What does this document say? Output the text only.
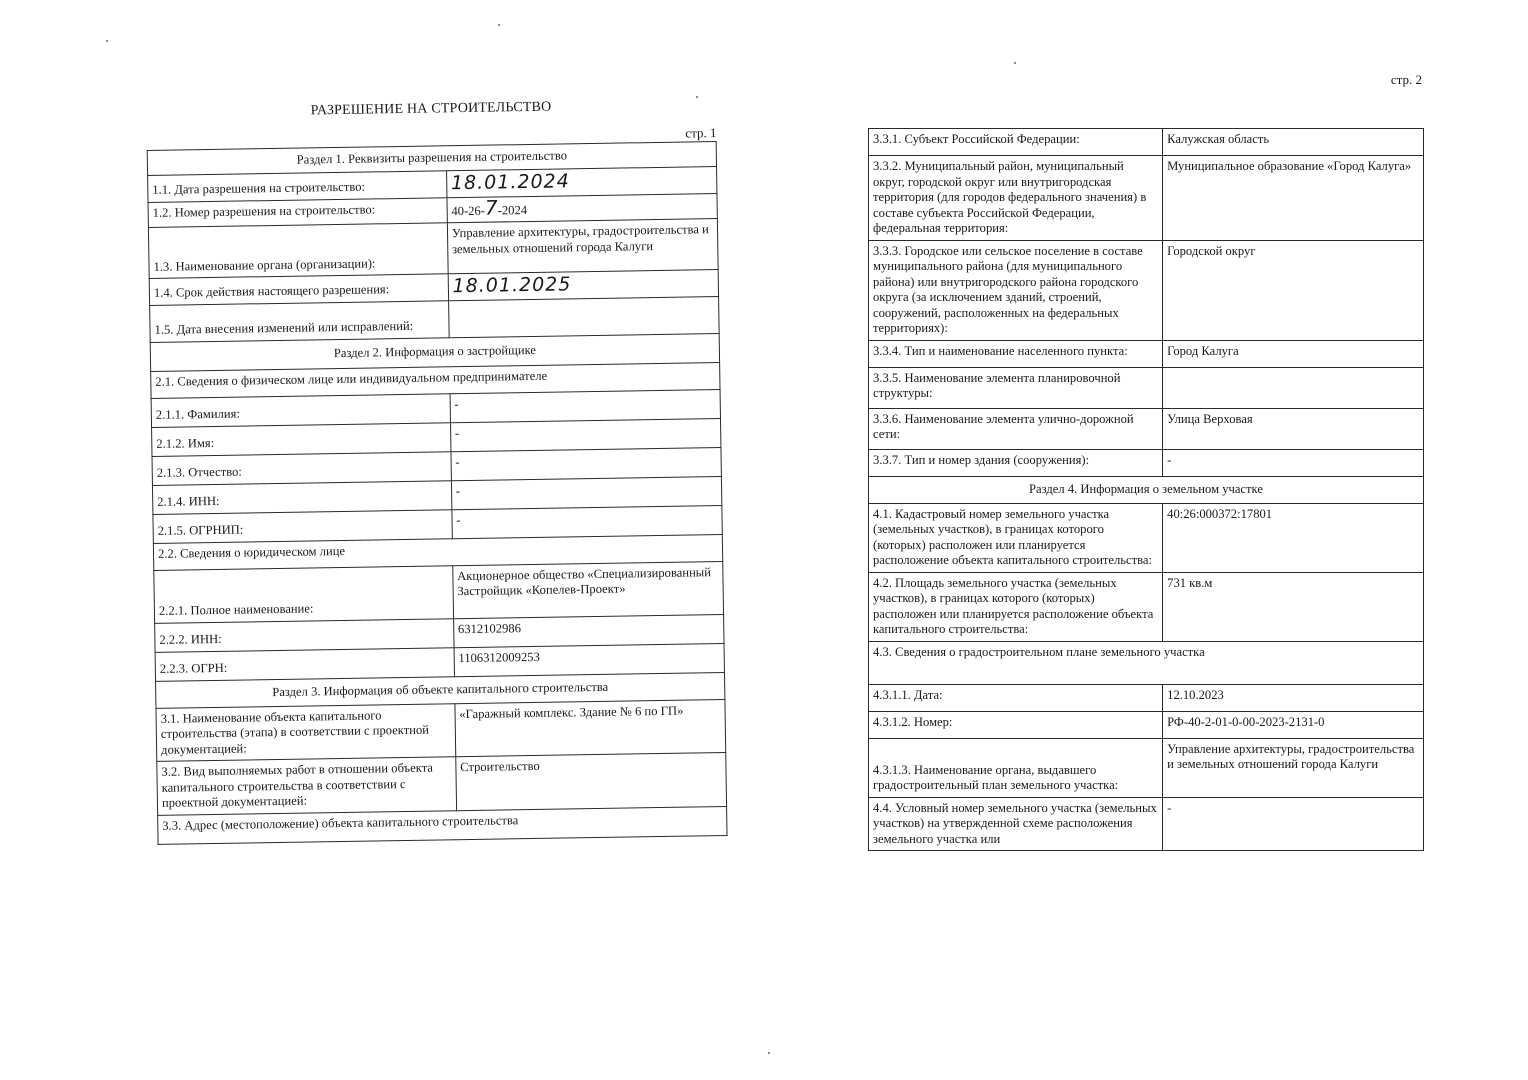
РАЗРЕШЕНИЕ НА СТРОИТЕЛЬСТВО
стр. 1
Раздел 1. Реквизиты разрешения на строительство	
1.1. Дата разрешения на строительство:	18.01.2024
1.2. Номер разрешения на строительство:	40-26-7-2024
1.3. Наименование органа (организации):	Управление архитектуры, градостроительства и земельных отношений города Калуги
1.4. Срок действия настоящего разрешения:	18.01.2025
1.5. Дата внесения изменений или исправлений:	
Раздел 2. Информация о застройщике	
2.1. Сведения о физическом лице или индивидуальном предпринимателе	
2.1.1. Фамилия:	-
2.1.2. Имя:	-
2.1.3. Отчество:	-
2.1.4. ИНН:	-
2.1.5. ОГРНИП:	-
2.2. Сведения о юридическом лице	
2.2.1. Полное наименование:	Акционерное общество «Специализированный Застройщик «Копелев-Проект»
2.2.2. ИНН:	6312102986
2.2.3. ОГРН:	1106312009253
Раздел 3. Информация об объекте капитального строительства	
3.1. Наименование объекта капитального строительства (этапа) в соответствии с проектной документацией:	«Гаражный комплекс. Здание № 6 по ГП»
3.2. Вид выполняемых работ в отношении объекта капитального строительства в соответствии с проектной документацией:	Строительство
3.3. Адрес (местоположение) объекта капитального строительства	
стр. 2
3.3.1. Субъект Российской Федерации:	Калужская область
3.3.2. Муниципальный район, муниципальный округ, городской округ или внутригородская территория (для городов федерального значения) в составе субъекта Российской Федерации, федеральная территория:	Муниципальное образование «Город Калуга»
3.3.3. Городское или сельское поселение в составе муниципального района (для муниципального района) или внутригородского района городского округа (за исключением зданий, строений, сооружений, расположенных на федеральных территориях):	Городской округ
3.3.4. Тип и наименование населенного пункта:	Город Калуга
3.3.5. Наименование элемента планировочной структуры:	
3.3.6. Наименование элемента улично-дорожной сети:	Улица Верховая
3.3.7. Тип и номер здания (сооружения):	-
Раздел 4. Информация о земельном участке	
4.1. Кадастровый номер земельного участка (земельных участков), в границах которого (которых) расположен или планируется расположение объекта капитального строительства:	40:26:000372:17801
4.2. Площадь земельного участка (земельных участков), в границах которого (которых) расположен или планируется расположение объекта капитального строительства:	731 кв.м
4.3. Сведения о градостроительном плане земельного участка	
4.3.1.1. Дата:	12.10.2023
4.3.1.2. Номер:	РФ-40-2-01-0-00-2023-2131-0
4.3.1.3. Наименование органа, выдавшего градостроительный план земельного участка:	Управление архитектуры, градостроительства и земельных отношений города Калуги
4.4. Условный номер земельного участка (земельных участков) на утвержденной схеме расположения земельного участка или	-
